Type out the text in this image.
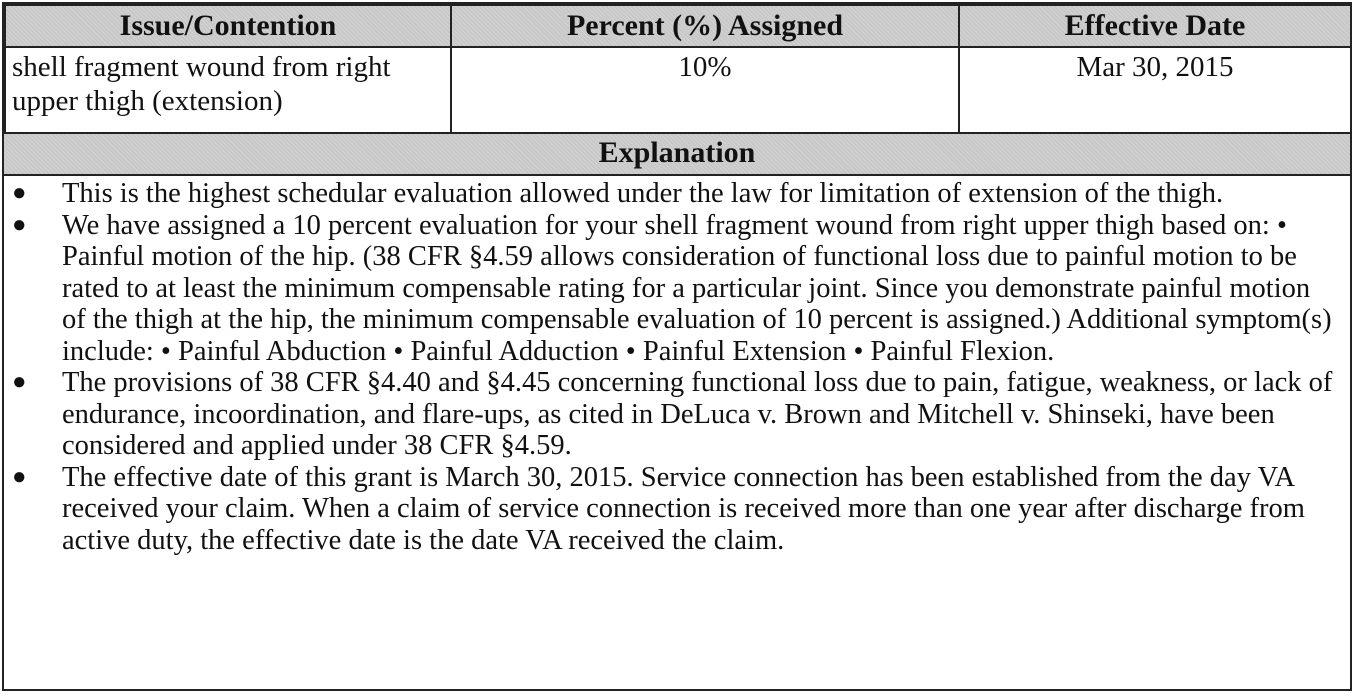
Issue/Contention	Percent (%) Assigned	Effective Date
shell fragment wound from right upper thigh (extension)	10%	Mar 30, 2015
Explanation
● This is the highest schedular evaluation allowed under the law for limitation of extension of the thigh.
● We have assigned a 10 percent evaluation for your shell fragment wound from right upper thigh based on: • Painful motion of the hip. (38 CFR §4.59 allows consideration of functional loss due to painful motion to be rated to at least the minimum compensable rating for a particular joint. Since you demonstrate painful motion of the thigh at the hip, the minimum compensable evaluation of 10 percent is assigned.) Additional symptom(s) include: • Painful Abduction • Painful Adduction • Painful Extension • Painful Flexion.
● The provisions of 38 CFR §4.40 and §4.45 concerning functional loss due to pain, fatigue, weakness, or lack of endurance, incoordination, and flare-ups, as cited in DeLuca v. Brown and Mitchell v. Shinseki, have been considered and applied under 38 CFR §4.59.
● The effective date of this grant is March 30, 2015. Service connection has been established from the day VA received your claim. When a claim of service connection is received more than one year after discharge from active duty, the effective date is the date VA received the claim.
